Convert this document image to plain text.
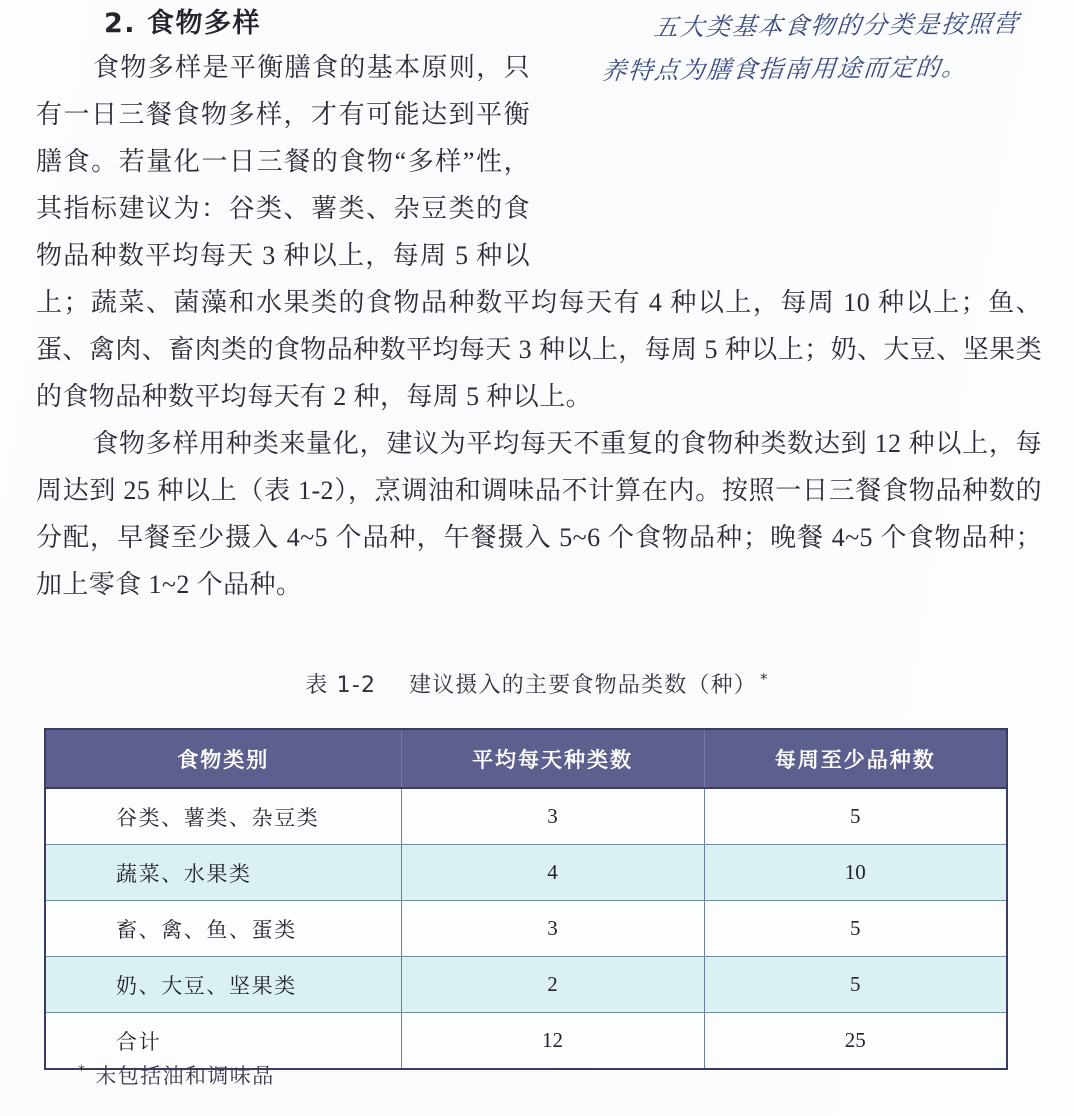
五大类基本食物的分类是按照营养特点为膳食指南用途而定的。
2. 食物多样

食物多样是平衡膳食的基本原则，只有一日三餐食物多样，才有可能达到平衡膳食。若量化一日三餐的食物“多样”性，其指标建议为：谷类、薯类、杂豆类的食物品种数平均每天 3 种以上，每周 5 种以上；蔬菜、菌藻和水果类的食物品种数平均每天有 4 种以上，每周 10 种以上；鱼、蛋、禽肉、畜肉类的食物品种数平均每天 3 种以上，每周 5 种以上；奶、大豆、坚果类的食物品种数平均每天有 2 种，每周 5 种以上。

食物多样用种类来量化，建议为平均每天不重复的食物种类数达到 12 种以上，每周达到 25 种以上（表 1-2），烹调油和调味品不计算在内。按照一日三餐食物品种数的分配，早餐至少摄入 4~5 个品种，午餐摄入 5~6 个食物品种；晚餐 4~5 个食物品种；加上零食 1~2 个品种。

表 1-2 建议摄入的主要食物品类数（种） *
食物类别	平均每天种类数	每周至少品种数
谷类、薯类、杂豆类	3	5
蔬菜、水果类	4	10
畜、禽、鱼、蛋类	3	5
奶、大豆、坚果类	2	5
合计	12	25
* 未包括油和调味品
